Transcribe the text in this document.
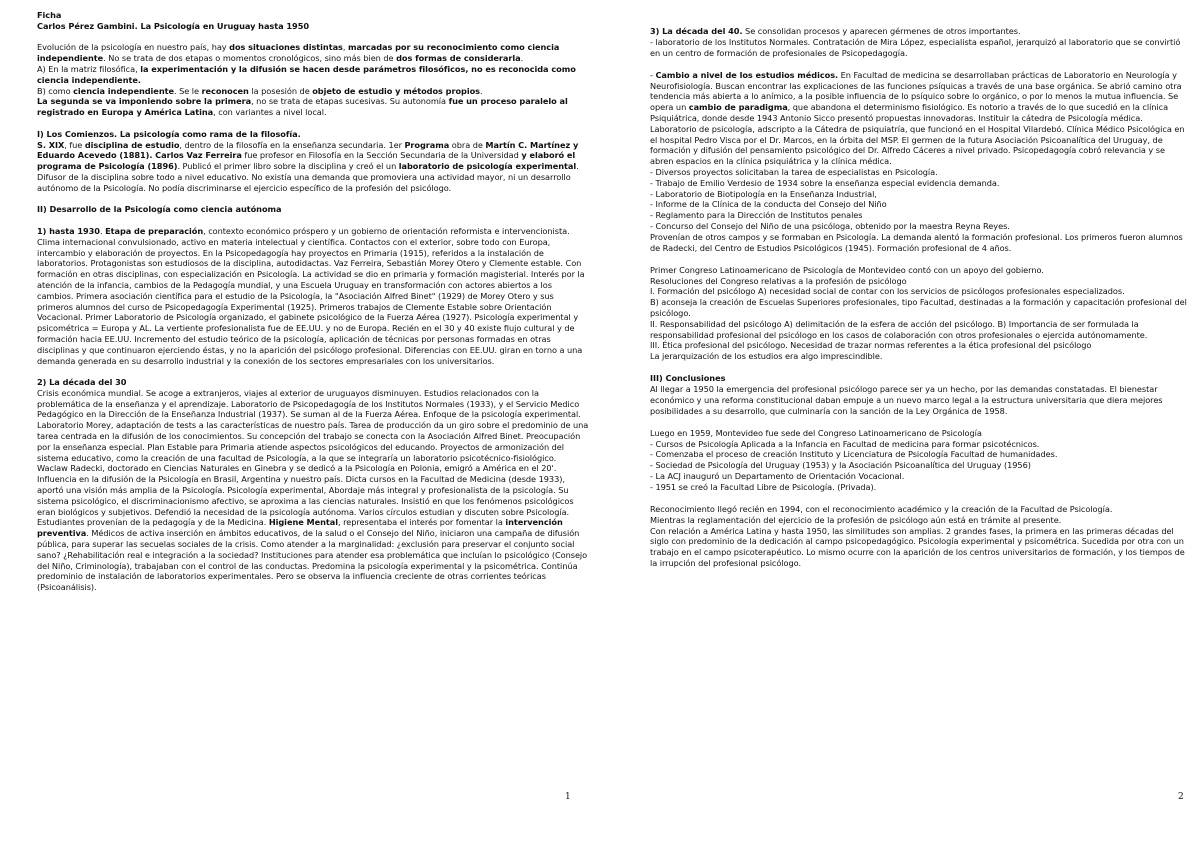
Ficha

Carlos Pérez Gambini. La Psicología en Uruguay hasta 1950

Evolución de la psicología en nuestro país, hay dos situaciones distintas, marcadas por su reconocimiento como ciencia independiente. No se trata de dos etapas o momentos cronológicos, sino más bien de dos formas de considerarla.

A) En la matriz filosófica, la experimentación y la difusión se hacen desde parámetros filosóficos, no es reconocida como ciencia independiente.

B) como ciencia independiente. Se le reconocen la posesión de objeto de estudio y métodos propios.

La segunda se va imponiendo sobre la primera, no se trata de etapas sucesivas. Su autonomía fue un proceso paralelo al registrado en Europa y América Latina, con variantes a nivel local.

I) Los Comienzos. La psicología como rama de la filosofía.

S. XIX, fue disciplina de estudio, dentro de la filosofía en la enseñanza secundaria. 1er Programa obra de Martín C. Martínez y Eduardo Acevedo (1881). Carlos Vaz Ferreira fue profesor en Filosofía en la Sección Secundaria de la Universidad y elaboró el programa de Psicología (1896). Publicó el primer libro sobre la disciplina y creó el un laboratorio de psicología experimental. Difusor de la disciplina sobre todo a nivel educativo. No existía una demanda que promoviera una actividad mayor, ni un desarrollo autónomo de la Psicología. No podía discriminarse el ejercicio específico de la profesión del psicólogo.

II) Desarrollo de la Psicología como ciencia autónoma

1) hasta 1930. Etapa de preparación, contexto económico próspero y un gobierno de orientación reformista e intervencionista. Clima internacional convulsionado, activo en materia intelectual y científica. Contactos con el exterior, sobre todo con Europa, intercambio y elaboración de proyectos. En la Psicopedagogía hay proyectos en Primaria (1915), referidos a la instalación de laboratorios. Protagonistas son estudiosos de la disciplina, autodidactas. Vaz Ferreira, Sebastián Morey Otero y Clemente estable. Con formación en otras disciplinas, con especialización en Psicología. La actividad se dio en primaria y formación magisterial. Interés por la atención de la infancia, cambios de la Pedagogía mundial, y una Escuela Uruguay en transformación con actores abiertos a los cambios. Primera asociación científica para el estudio de la Psicología, la "Asociación Alfred Binet" (1929) de Morey Otero y sus primeros alumnos del curso de Psicopedagogía Experimental (1925). Primeros trabajos de Clemente Estable sobre Orientación Vocacional. Primer Laboratorio de Psicología organizado, el gabinete psicológico de la Fuerza Aérea (1927). Psicología experimental y psicométrica = Europa y AL. La vertiente profesionalista fue de EE.UU. y no de Europa. Recién en el 30 y 40 existe flujo cultural y de formación hacia EE.UU. Incremento del estudio teórico de la psicología, aplicación de técnicas por personas formadas en otras disciplinas y que continuaron ejerciendo éstas, y no la aparición del psicólogo profesional. Diferencias con EE.UU. giran en torno a una demanda generada en su desarrollo industrial y la conexión de los sectores empresariales con los universitarios.

2) La década del 30

Crisis económica mundial. Se acoge a extranjeros, viajes al exterior de uruguayos disminuyen. Estudios relacionados con la problemática de la enseñanza y el aprendizaje. Laboratorio de Psicopedagogía de los Institutos Normales (1933), y el Servicio Medico Pedagógico en la Dirección de la Enseñanza Industrial (1937). Se suman al de la Fuerza Aérea. Enfoque de la psicología experimental. Laboratorio Morey, adaptación de tests a las características de nuestro país. Tarea de producción da un giro sobre el predominio de una tarea centrada en la difusión de los conocimientos. Su concepción del trabajo se conecta con la Asociación Alfred Binet. Preocupación por la enseñanza especial. Plan Estable para Primaria atiende aspectos psicológicos del educando. Proyectos de armonización del sistema educativo, como la creación de una facultad de Psicología, a la que se integraría un laboratorio psicotécnico-fisiológico.

Waclaw Radecki, doctorado en Ciencias Naturales en Ginebra y se dedicó a la Psicología en Polonia, emigró a América en el 20'. Influencia en la difusión de la Psicología en Brasil, Argentina y nuestro país. Dicta cursos en la Facultad de Medicina (desde 1933), aportó una visión más amplia de la Psicología. Psicología experimental, Abordaje más integral y profesionalista de la psicología. Su sistema psicológico, el discriminacionismo afectivo, se aproxima a las ciencias naturales. Insistió en que los fenómenos psicológicos eran biológicos y subjetivos. Defendió la necesidad de la psicología autónoma. Varios círculos estudian y discuten sobre Psicología. Estudiantes provenían de la pedagogía y de la Medicina. Higiene Mental, representaba el interés por fomentar la intervención preventiva. Médicos de activa inserción en ámbitos educativos, de la salud o el Consejo del Niño, iniciaron una campaña de difusión pública, para superar las secuelas sociales de la crisis. Como atender a la marginalidad: ¿exclusión para preservar el conjunto social sano? ¿Rehabilitación real e integración a la sociedad? Instituciones para atender esa problemática que incluían lo psicológico (Consejo del Niño, Criminología), trabajaban con el control de las conductas. Predomina la psicología experimental y la psicométrica. Continúa predominio de instalación de laboratorios experimentales. Pero se observa la influencia creciente de otras corrientes teóricas (Psicoanálisis).

1

3) La década del 40. Se consolidan procesos y aparecen gérmenes de otros importantes.

- laboratorio de los Institutos Normales. Contratación de Mira López, especialista español, jerarquizó al laboratorio que se convirtió en un centro de formación de profesionales de Psicopedagogía.

- Cambio a nivel de los estudios médicos. En Facultad de medicina se desarrollaban prácticas de Laboratorio en Neurología y Neurofisiología. Buscan encontrar las explicaciones de las funciones psíquicas a través de una base orgánica. Se abrió camino otra tendencia más abierta a lo anímico, a la posible influencia de lo psíquico sobre lo orgánico, o por lo menos la mutua influencia. Se opera un cambio de paradigma, que abandona el determinismo fisiológico. Es notorio a través de lo que sucedió en la clínica Psiquiátrica, donde desde 1943 Antonio Sicco presentó propuestas innovadoras. Instituir la cátedra de Psicología médica. Laboratorio de psicología, adscripto a la Cátedra de psiquiatría, que funcionó en el Hospital Vilardebó. Clínica Médico Psicológica en el hospital Pedro Visca por el Dr. Marcos, en la órbita del MSP. El germen de la futura Asociación Psicoanalítica del Uruguay, de formación y difusión del pensamiento psicológico del Dr. Alfredo Cáceres a nivel privado. Psicopedagogía cobró relevancia y se abren espacios en la clínica psiquiátrica y la clínica médica.

- Diversos proyectos solicitaban la tarea de especialistas en Psicología.

- Trabajo de Emilio Verdesio de 1934 sobre la enseñanza especial evidencia demanda.

- Laboratorio de Biotipología en la Enseñanza Industrial,

- Informe de la Clínica de la conducta del Consejo del Niño

- Reglamento para la Dirección de Institutos penales

- Concurso del Consejo del Niño de una psicóloga, obtenido por la maestra Reyna Reyes.

Provenían de otros campos y se formaban en Psicología. La demanda alentó la formación profesional. Los primeros fueron alumnos de Radecki, del Centro de Estudios Psicológicos (1945). Formación profesional de 4 años.

Primer Congreso Latinoamericano de Psicología de Montevideo contó con un apoyo del gobierno.

Resoluciones del Congreso relativas a la profesión de psicólogo

I. Formación del psicólogo A) necesidad social de contar con los servicios de psicólogos profesionales especializados.

B) aconseja la creación de Escuelas Superiores profesionales, tipo Facultad, destinadas a la formación y capacitación profesional del psicólogo.

II. Responsabilidad del psicólogo A) delimitación de la esfera de acción del psicólogo. B) Importancia de ser formulada la responsabilidad profesional del psicólogo en los casos de colaboración con otros profesionales o ejercida autónomamente.

III. Ética profesional del psicólogo. Necesidad de trazar normas referentes a la ética profesional del psicólogo

La jerarquización de los estudios era algo imprescindible.

III) Conclusiones

Al llegar a 1950 la emergencia del profesional psicólogo parece ser ya un hecho, por las demandas constatadas. El bienestar económico y una reforma constitucional daban empuje a un nuevo marco legal a la estructura universitaria que diera mejores posibilidades a su desarrollo, que culminaría con la sanción de la Ley Orgánica de 1958.

Luego en 1959, Montevideo fue sede del Congreso Latinoamericano de Psicología

- Cursos de Psicología Aplicada a la Infancia en Facultad de medicina para formar psicotécnicos.

- Comenzaba el proceso de creación Instituto y Licenciatura de Psicología Facultad de humanidades.

- Sociedad de Psicología del Uruguay (1953) y la Asociación Psicoanalítica del Uruguay (1956)

- La ACJ inauguró un Departamento de Orientación Vocacional.

- 1951 se creó la Facultad Libre de Psicología. (Privada).

Reconocimiento llegó recién en 1994, con el reconocimiento académico y la creación de la Facultad de Psicología.

Mientras la reglamentación del ejercicio de la profesión de psicólogo aún está en trámite al presente.

Con relación a América Latina y hasta 1950, las similitudes son amplias. 2 grandes fases, la primera en las primeras décadas del siglo con predominio de la dedicación al campo psicopedagógico. Psicología experimental y psicométrica. Sucedida por otra con un trabajo en el campo psicoterapéutico. Lo mismo ocurre con la aparición de los centros universitarios de formación, y los tiempos de la irrupción del profesional psicólogo.

2
